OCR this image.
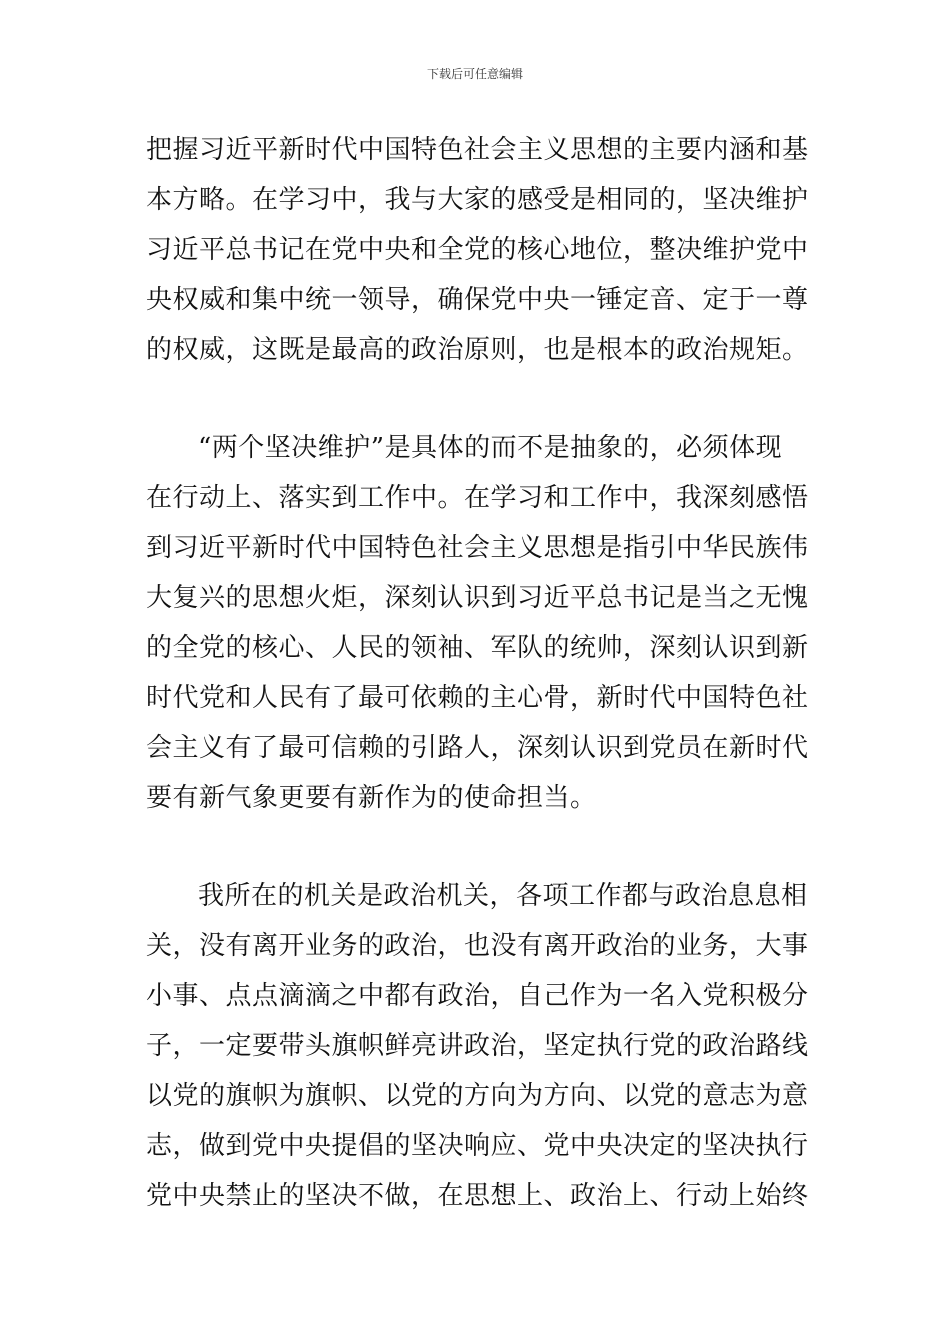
下载后可任意编辑
把握习近平新时代中国特色社会主义思想的主要内涵和基
本方略。在学习中，我与大家的感受是相同的，坚决维护
习近平总书记在党中央和全党的核心地位，整决维护党中
央权威和集中统一领导，确保党中央一锤定音、定于一尊
的权威，这既是最高的政治原则，也是根本的政治规矩。
“两个坚决维护”是具体的而不是抽象的，必须体现
在行动上、落实到工作中。在学习和工作中，我深刻感悟
到习近平新时代中国特色社会主义思想是指引中华民族伟
大复兴的思想火炬，深刻认识到习近平总书记是当之无愧
的全党的核心、人民的领袖、军队的统帅，深刻认识到新
时代党和人民有了最可依赖的主心骨，新时代中国特色社
会主义有了最可信赖的引路人，深刻认识到党员在新时代
要有新气象更要有新作为的使命担当。
我所在的机关是政治机关，各项工作都与政治息息相
关，没有离开业务的政治，也没有离开政治的业务，大事
小事、点点滴滴之中都有政治，自己作为一名入党积极分
子，一定要带头旗帜鲜亮讲政治，坚定执行党的政治路线
以党的旗帜为旗帜、以党的方向为方向、以党的意志为意
志，做到党中央提倡的坚决响应、党中央决定的坚决执行
党中央禁止的坚决不做，在思想上、政治上、行动上始终
